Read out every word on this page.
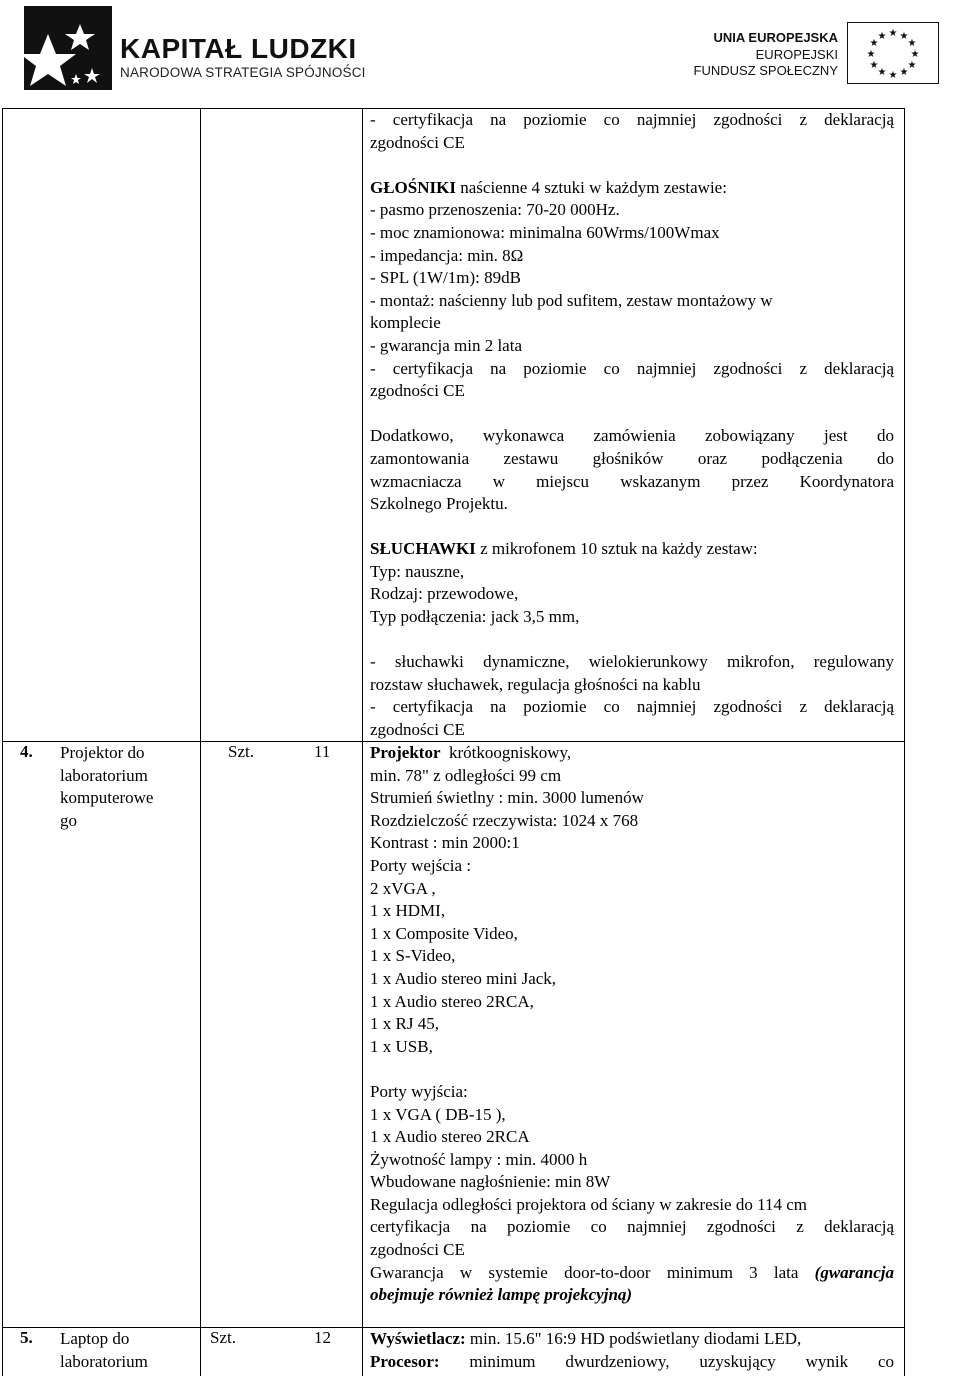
KAPITAŁ LUDZKI
NARODOWA STRATEGIA SPÓJNOŚCI
UNIA EUROPEJSKA
EUROPEJSKI
FUNDUSZ SPOŁECZNY
★ ★
★
★
★
★
★
★
★
★
★
★

- certyfikacja na poziomie co najmniej zgodności z deklaracją

zgodności CE

GŁOŚNIKI naścienne 4 sztuki w każdym zestawie:

- pasmo przenoszenia: 70-20 000Hz.

- moc znamionowa: minimalna 60Wrms/100Wmax

- impedancja: min. 8Ω

- SPL (1W/1m): 89dB

- montaż: naścienny lub pod sufitem, zestaw montażowy w

komplecie

- gwarancja min 2 lata

- certyfikacja na poziomie co najmniej zgodności z deklaracją

zgodności CE

Dodatkowo, wykonawca zamówienia zobowiązany jest do

zamontowania zestawu głośników oraz podłączenia do

wzmacniacza w miejscu wskazanym przez Koordynatora

Szkolnego Projektu.

SŁUCHAWKI z mikrofonem 10 sztuk na każdy zestaw:

Typ: nauszne,

Rodzaj: przewodowe,

Typ podłączenia: jack 3,5 mm,

- słuchawki dynamiczne, wielokierunkowy mikrofon, regulowany

rozstaw słuchawek, regulacja głośności na kablu

- certyfikacja na poziomie co najmniej zgodności z deklaracją

zgodności CE

4. Projektor do
laboratorium
komputerowe
go
Szt.	11 Projektor  krótkoogniskowy,

min. 78" z odległości 99 cm

Strumień świetlny : min. 3000 lumenów

Rozdzielczość rzeczywista: 1024 x 768

Kontrast : min 2000:1

Porty wejścia :

2 xVGA ,

1 x HDMI,

1 x Composite Video,

1 x S-Video,

1 x Audio stereo mini Jack,

1 x Audio stereo 2RCA,

1 x RJ 45,

1 x USB,

Porty wyjścia:

1 x VGA ( DB-15 ),

1 x Audio stereo 2RCA

Żywotność lampy : min. 4000 h

Wbudowane nagłośnienie: min 8W

Regulacja odległości projektora od ściany w zakresie do 114 cm

certyfikacja na poziomie co najmniej zgodności z deklaracją

zgodności CE

Gwarancja w systemie door-to-door minimum 3 lata (gwarancja

obejmuje również lampę projekcyjną)

5. Laptop do
laboratorium
Szt.	12 Wyświetlacz: min. 15.6" 16:9 HD podświetlany diodami LED,

Procesor: minimum dwurdzeniowy, uzyskujący wynik co
